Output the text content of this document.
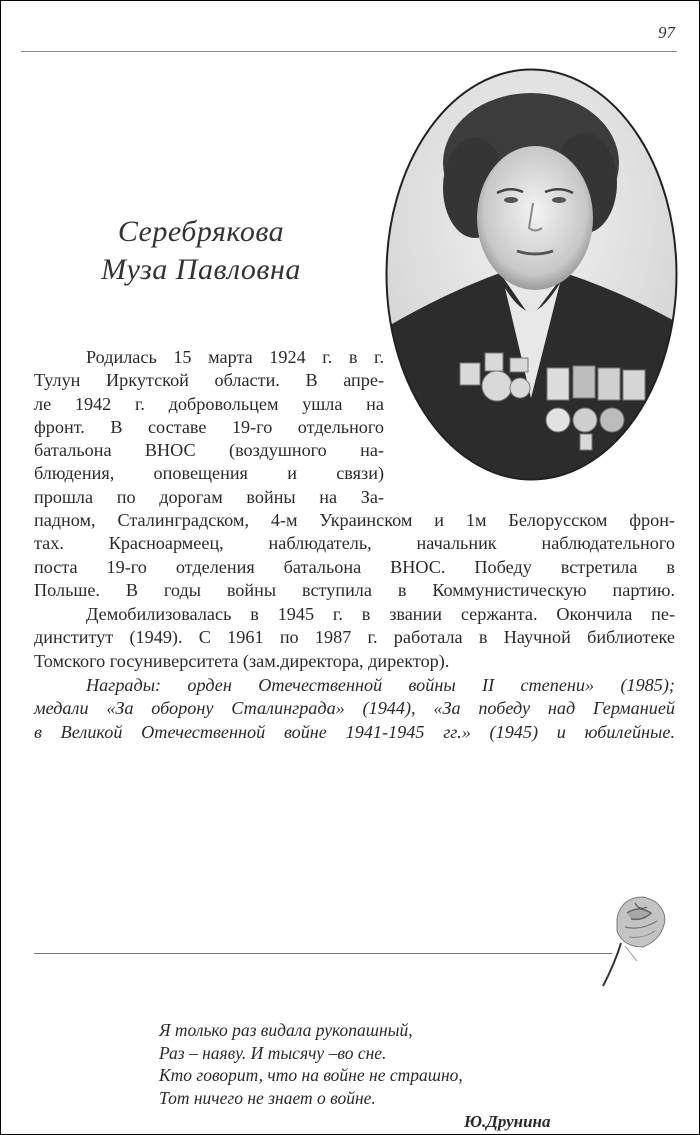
97
Серебрякова
Муза Павловна
Родилась 15 марта 1924 г. в г.
Тулун Иркутской области. В апре-
ле 1942 г. добровольцем ушла на
фронт. В составе 19-го отдельного
батальона ВНОС (воздушного на-
блюдения, оповещения и связи)
прошла по дорогам войны на За-
падном, Сталинградском, 4-м Украинском и 1м Белорусском фрон-
тах. Красноармеец, наблюдатель, начальник наблюдательного
поста 19-го отделения батальона ВНОС. Победу встретила в
Польше. В годы войны вступила в Коммунистическую партию.
Демобилизовалась в 1945 г. в звании сержанта. Окончила пе-
динститут (1949). С 1961 по 1987 г. работала в Научной библиотеке
Томского госуниверситета (зам.директора, директор).
Награды: орден Отечественной войны II степени» (1985);
медали «За оборону Сталинграда» (1944), «За победу над Германией
в Великой Отечественной войне 1941-1945 гг.» (1945) и юбилейные.
Я только раз видала рукопашный,
Раз – наяву. И тысячу –во сне.
Кто говорит, что на войне не страшно,
Тот ничего не знает о войне.
Ю.Друнина
